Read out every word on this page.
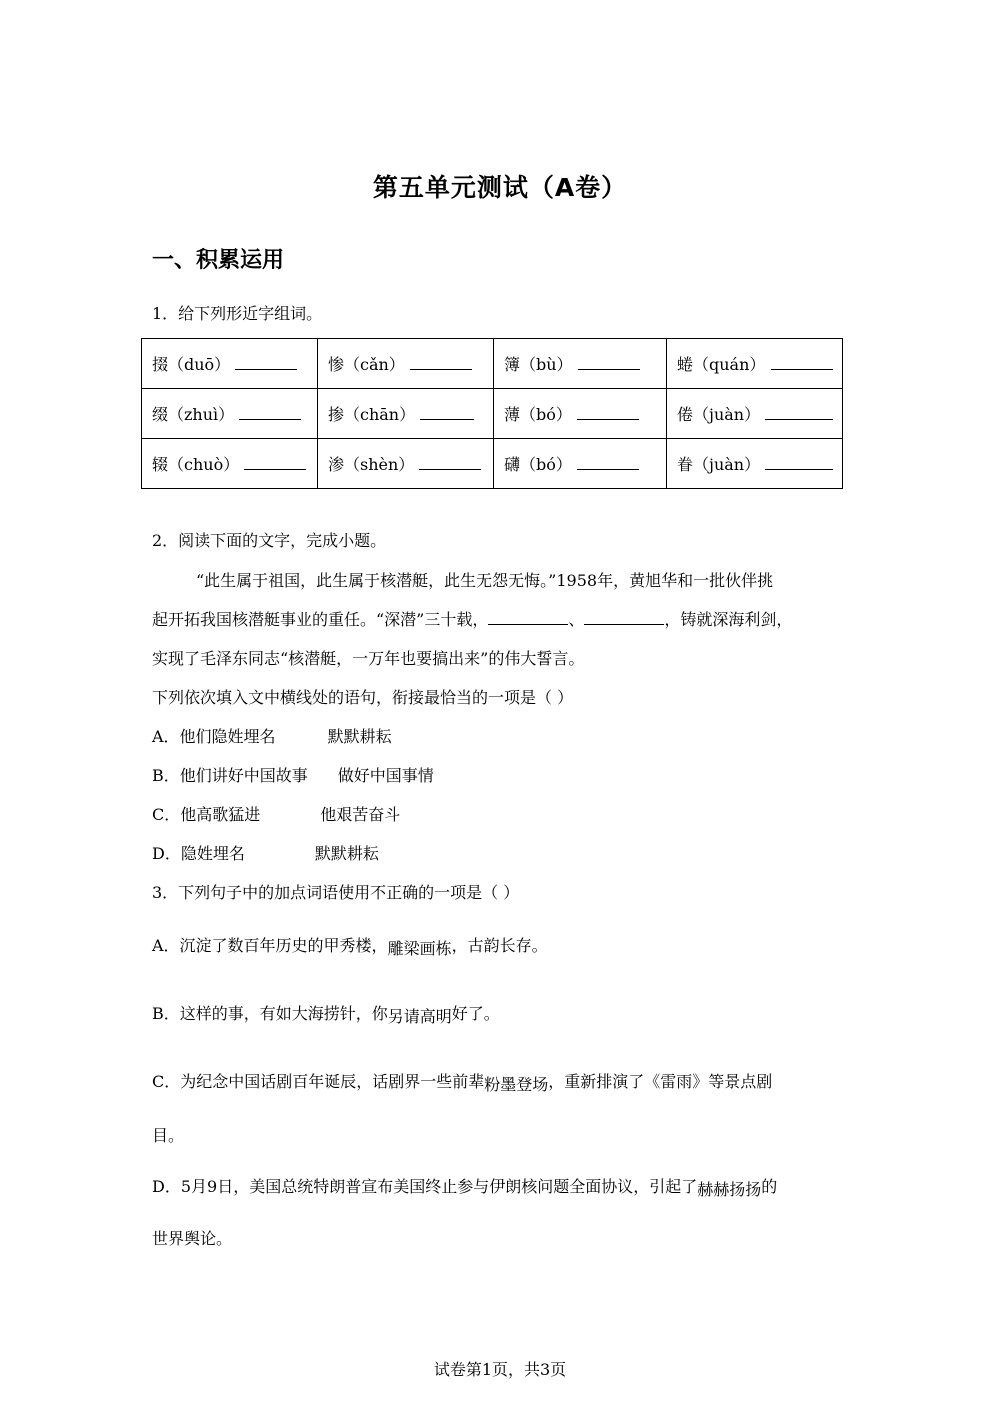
第五单元测试（A卷）
一、积累运用
1．给下列形近字组词。
掇（duō）	惨（cǎn）	簿（bù）	蜷（quán）
缀（zhuì）	掺（chān）	薄（bó）	倦（juàn）
辍（chuò）	渗（shèn）	礴（bó）	眷（juàn）
2．阅读下面的文字，完成小题。
“此生属于祖国，此生属于核潜艇，此生无怨无悔。”1958年，黄旭华和一批伙伴挑
起开拓我国核潜艇事业的重任。“深潜”三十载，	、	，铸就深海利剑，
实现了毛泽东同志“核潜艇，一万年也要搞出来”的伟大誓言。
下列依次填入文中横线处的语句，衔接最恰当的一项是（ ）
A．他们隐姓埋名	默默耕耘
B．他们讲好中国故事 做好中国事情
C．他高歌猛进	他艰苦奋斗
D．隐姓埋名	默默耕耘
3．下列句子中的加点词语使用不正确的一项是（ ）
A．沉淀了数百年历史的甲秀楼，雕梁画栋，古韵长存。
B．这样的事，有如大海捞针，你另请高明好了。
C．为纪念中国话剧百年诞辰，话剧界一些前辈粉墨登场，重新排演了《雷雨》等景点剧
目。
D．5月9日，美国总统特朗普宣布美国终止参与伊朗核问题全面协议，引起了赫赫扬扬的
世界舆论。
试卷第1页，共3页
